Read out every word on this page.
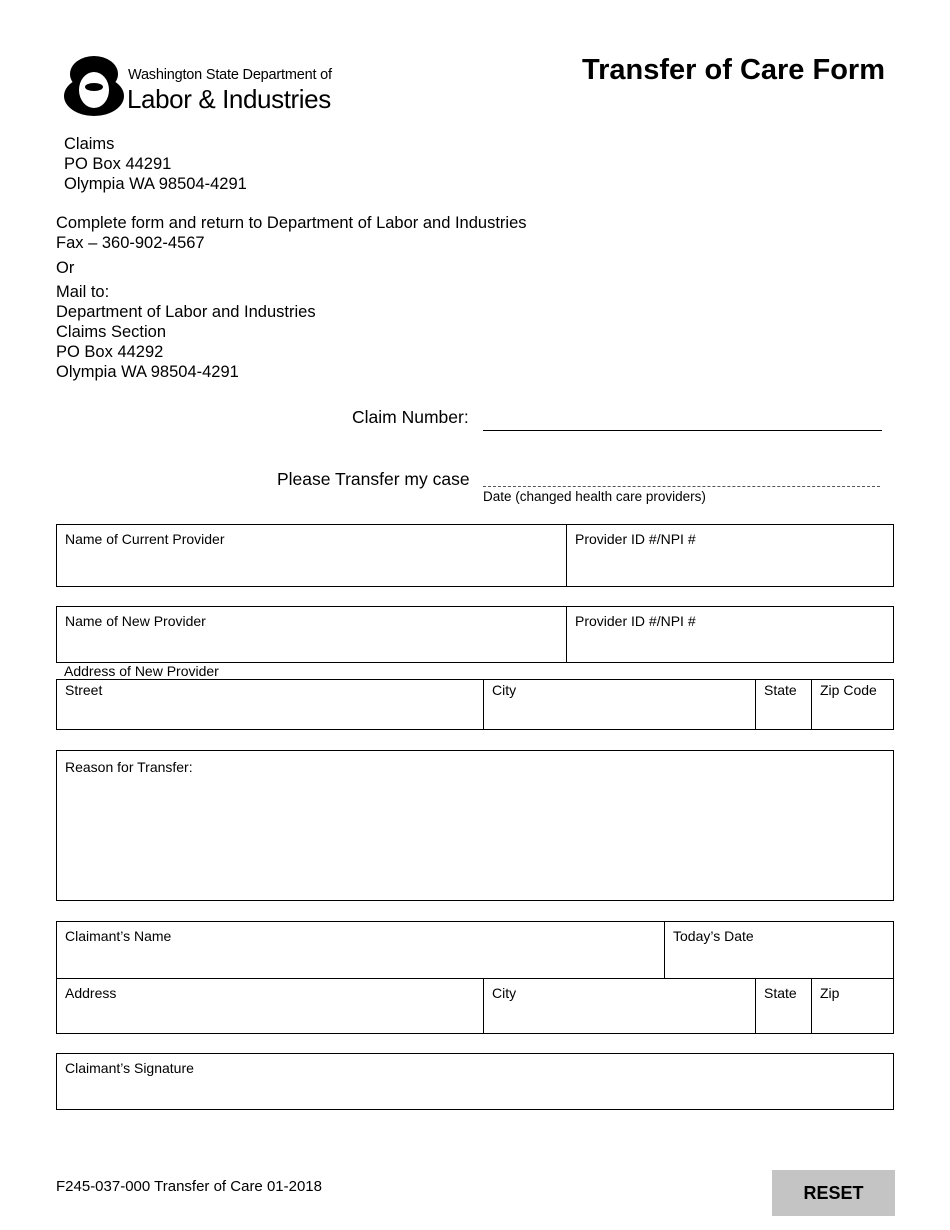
Washington State Department of
Labor & Industries
Transfer of Care Form
Claims
PO Box 44291
Olympia WA 98504-4291
Complete form and return to Department of Labor and Industries
Fax – 360-902-4567
Or
Mail to:
Department of Labor and Industries
Claims Section
PO Box 44292
Olympia WA 98504-4291
Claim Number:
Please Transfer my case
Date (changed health care providers)
Name of Current Provider	Provider ID #/NPI #
Name of New Provider	Provider ID #/NPI #
Address of New Provider
Street	City	State Zip Code
Reason for Transfer:
Claimant’s Name	Today’s Date
Address	City	State Zip
Claimant’s Signature
F245-037-000 Transfer of Care 01-2018	RESET
